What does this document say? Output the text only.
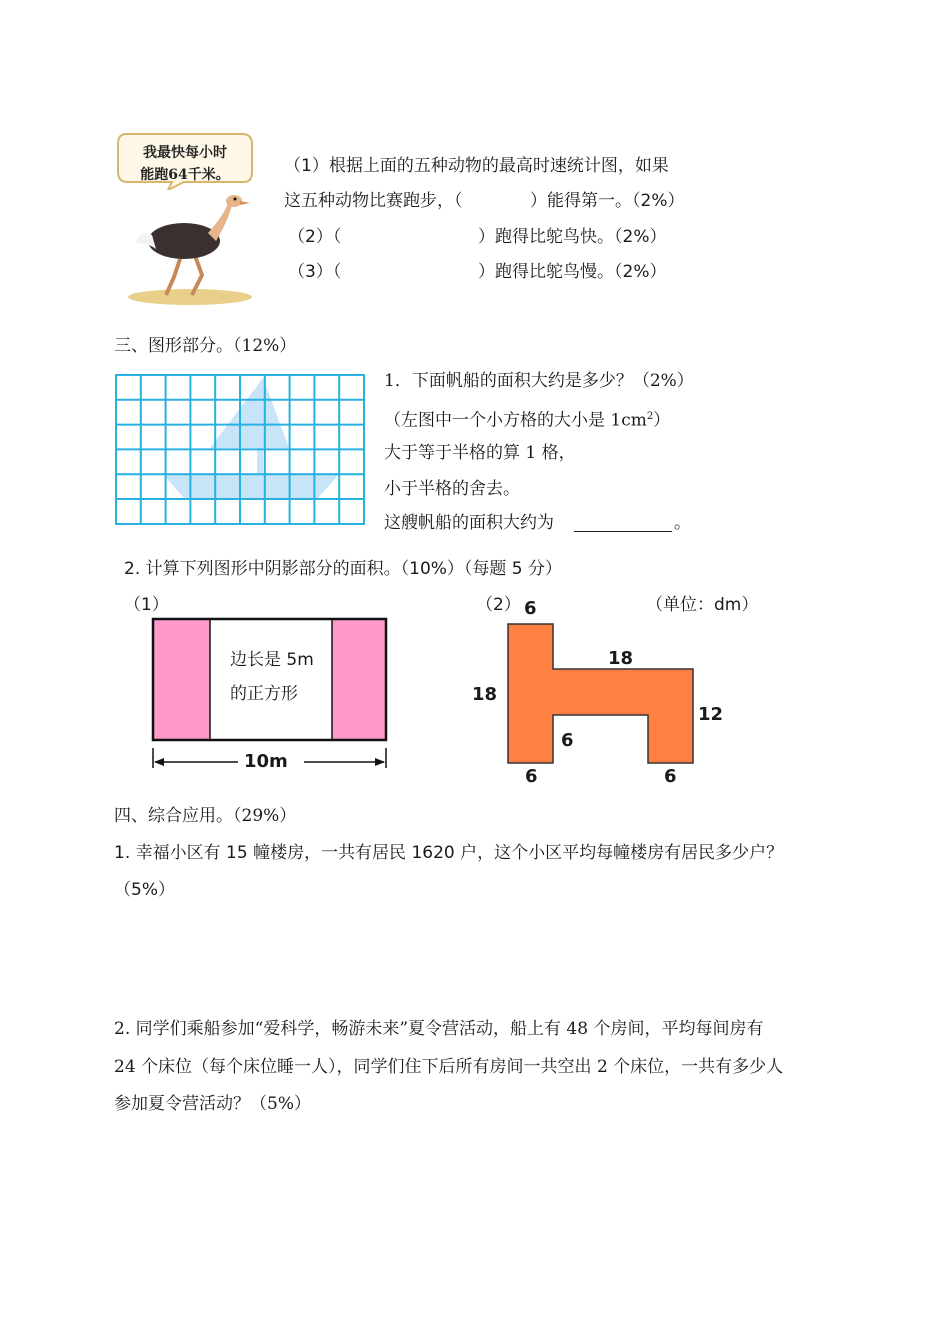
我最快每小时
能跑64千米。	（1）根据上面的五种动物的最高时速统计图，如果
这五种动物比赛跑步，（	）能得第一。（2%）
（2）（	）跑得比鸵鸟快。（2%）
（3）（	）跑得比鸵鸟慢。（2%）
三、图形部分。（12%）
1．下面帆船的面积大约是多少？（2%）
（左图中一个小方格的大小是 $1cm^2$）
大于等于半格的算 1 格，
小于半格的舍去。
这艘帆船的面积大约为	。
2. 计算下列图形中阴影部分的面积。（10%）（每题 5 分）
（1）
边长是 5m
的正方形
10m
（2）	（单位：dm）
6
18
18
12
6
6	6
四、综合应用。（29%）
1. 幸福小区有 15 幢楼房，一共有居民 1620 户，这个小区平均每幢楼房有居民多少户？
（5%）
2. 同学们乘船参加“爱科学，畅游未来”夏令营活动，船上有 48 个房间，平均每间房有
24 个床位（每个床位睡一人），同学们住下后所有房间一共空出 2 个床位，一共有多少人
参加夏令营活动？（5%）
